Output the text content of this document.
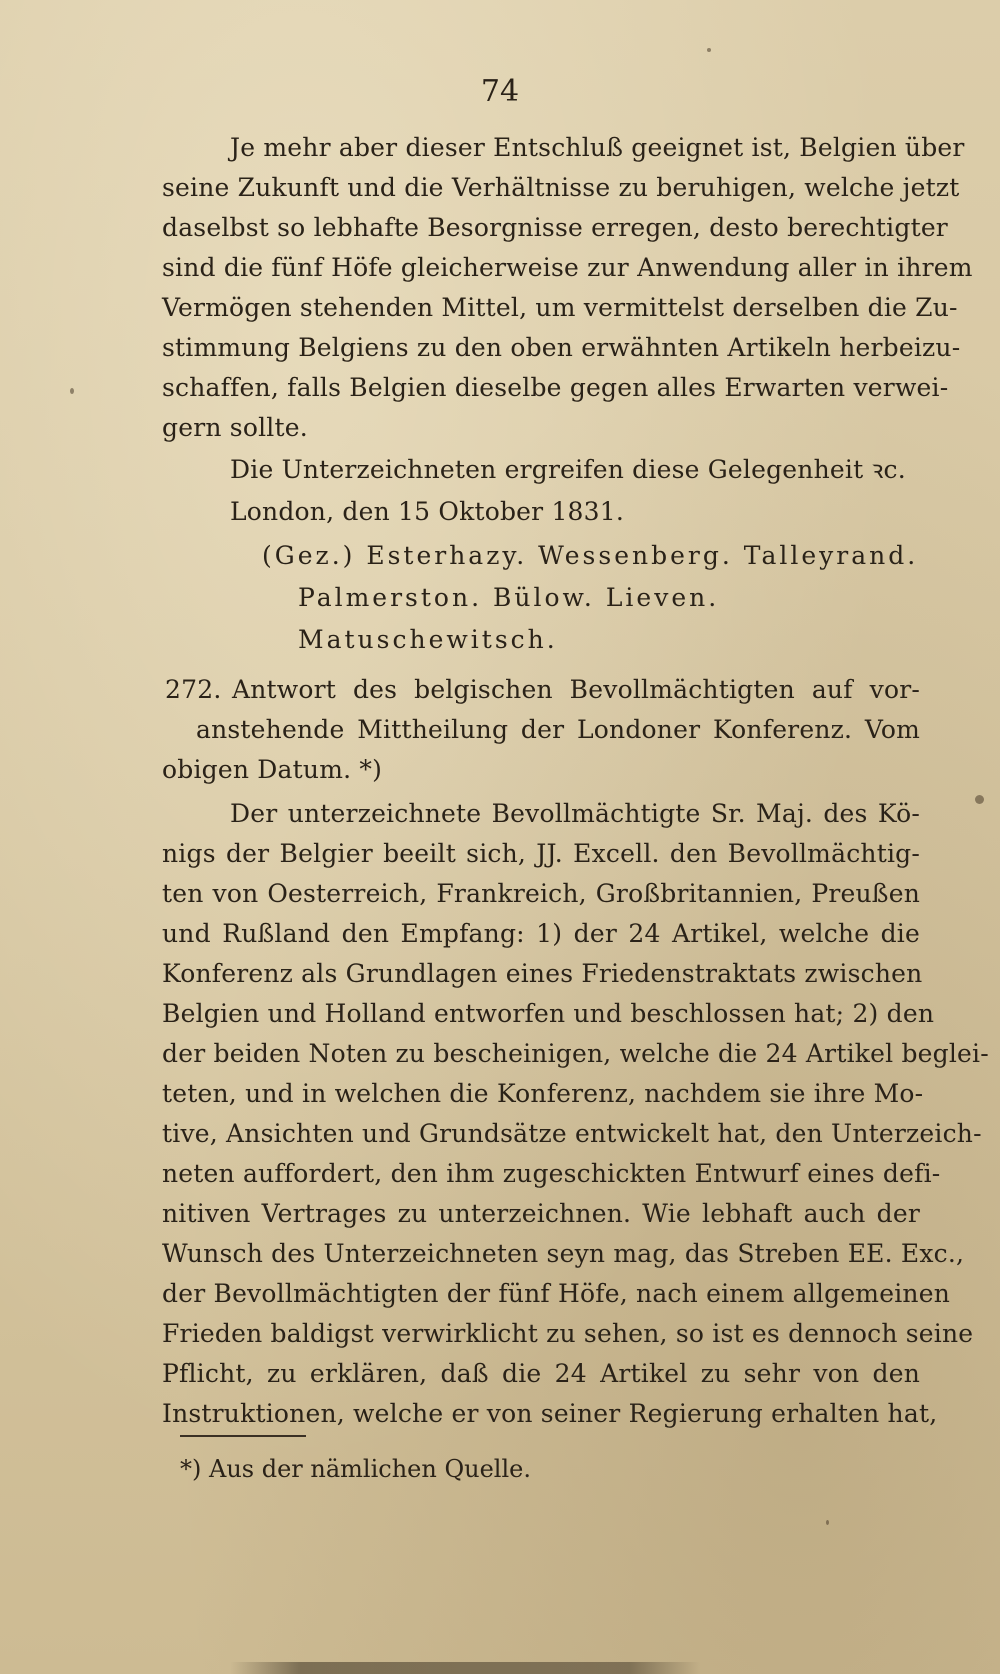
74
Je mehr aber dieser Entschluß geeignet ist, Belgien über
seine Zukunft und die Verhältnisse zu beruhigen, welche jetzt
daselbst so lebhafte Besorgnisse erregen, desto berechtigter
sind die fünf Höfe gleicherweise zur Anwendung aller in ihrem
Vermögen stehenden Mittel, um vermittelst derselben die Zu-
stimmung Belgiens zu den oben erwähnten Artikeln herbeizu-
schaffen, falls Belgien dieselbe gegen alles Erwarten verwei-
gern sollte.
Die Unterzeichneten ergreifen diese Gelegenheit ꝛc.
London, den 15 Oktober 1831.
(Gez.) Esterhazy. Wessenberg. Talleyrand.
Palmerston. Bülow. Lieven.
Matuschewitsch.
272. Antwort des belgischen Bevollmächtigten auf vor-
anstehende Mittheilung der Londoner Konferenz. Vom
obigen Datum. *)
Der unterzeichnete Bevollmächtigte Sr. Maj. des Kö-
nigs der Belgier beeilt sich, JJ. Excell. den Bevollmächtig-
ten von Oesterreich, Frankreich, Großbritannien, Preußen
und Rußland den Empfang: 1) der 24 Artikel, welche die
Konferenz als Grundlagen eines Friedenstraktats zwischen
Belgien und Holland entworfen und beschlossen hat; 2) den
der beiden Noten zu bescheinigen, welche die 24 Artikel beglei-
teten, und in welchen die Konferenz, nachdem sie ihre Mo-
tive, Ansichten und Grundsätze entwickelt hat, den Unterzeich-
neten auffordert, den ihm zugeschickten Entwurf eines defi-
nitiven Vertrages zu unterzeichnen. Wie lebhaft auch der
Wunsch des Unterzeichneten seyn mag, das Streben EE. Exc.,
der Bevollmächtigten der fünf Höfe, nach einem allgemeinen
Frieden baldigst verwirklicht zu sehen, so ist es dennoch seine
Pflicht, zu erklären, daß die 24 Artikel zu sehr von den
Instruktionen, welche er von seiner Regierung erhalten hat,
*) Aus der nämlichen Quelle.
